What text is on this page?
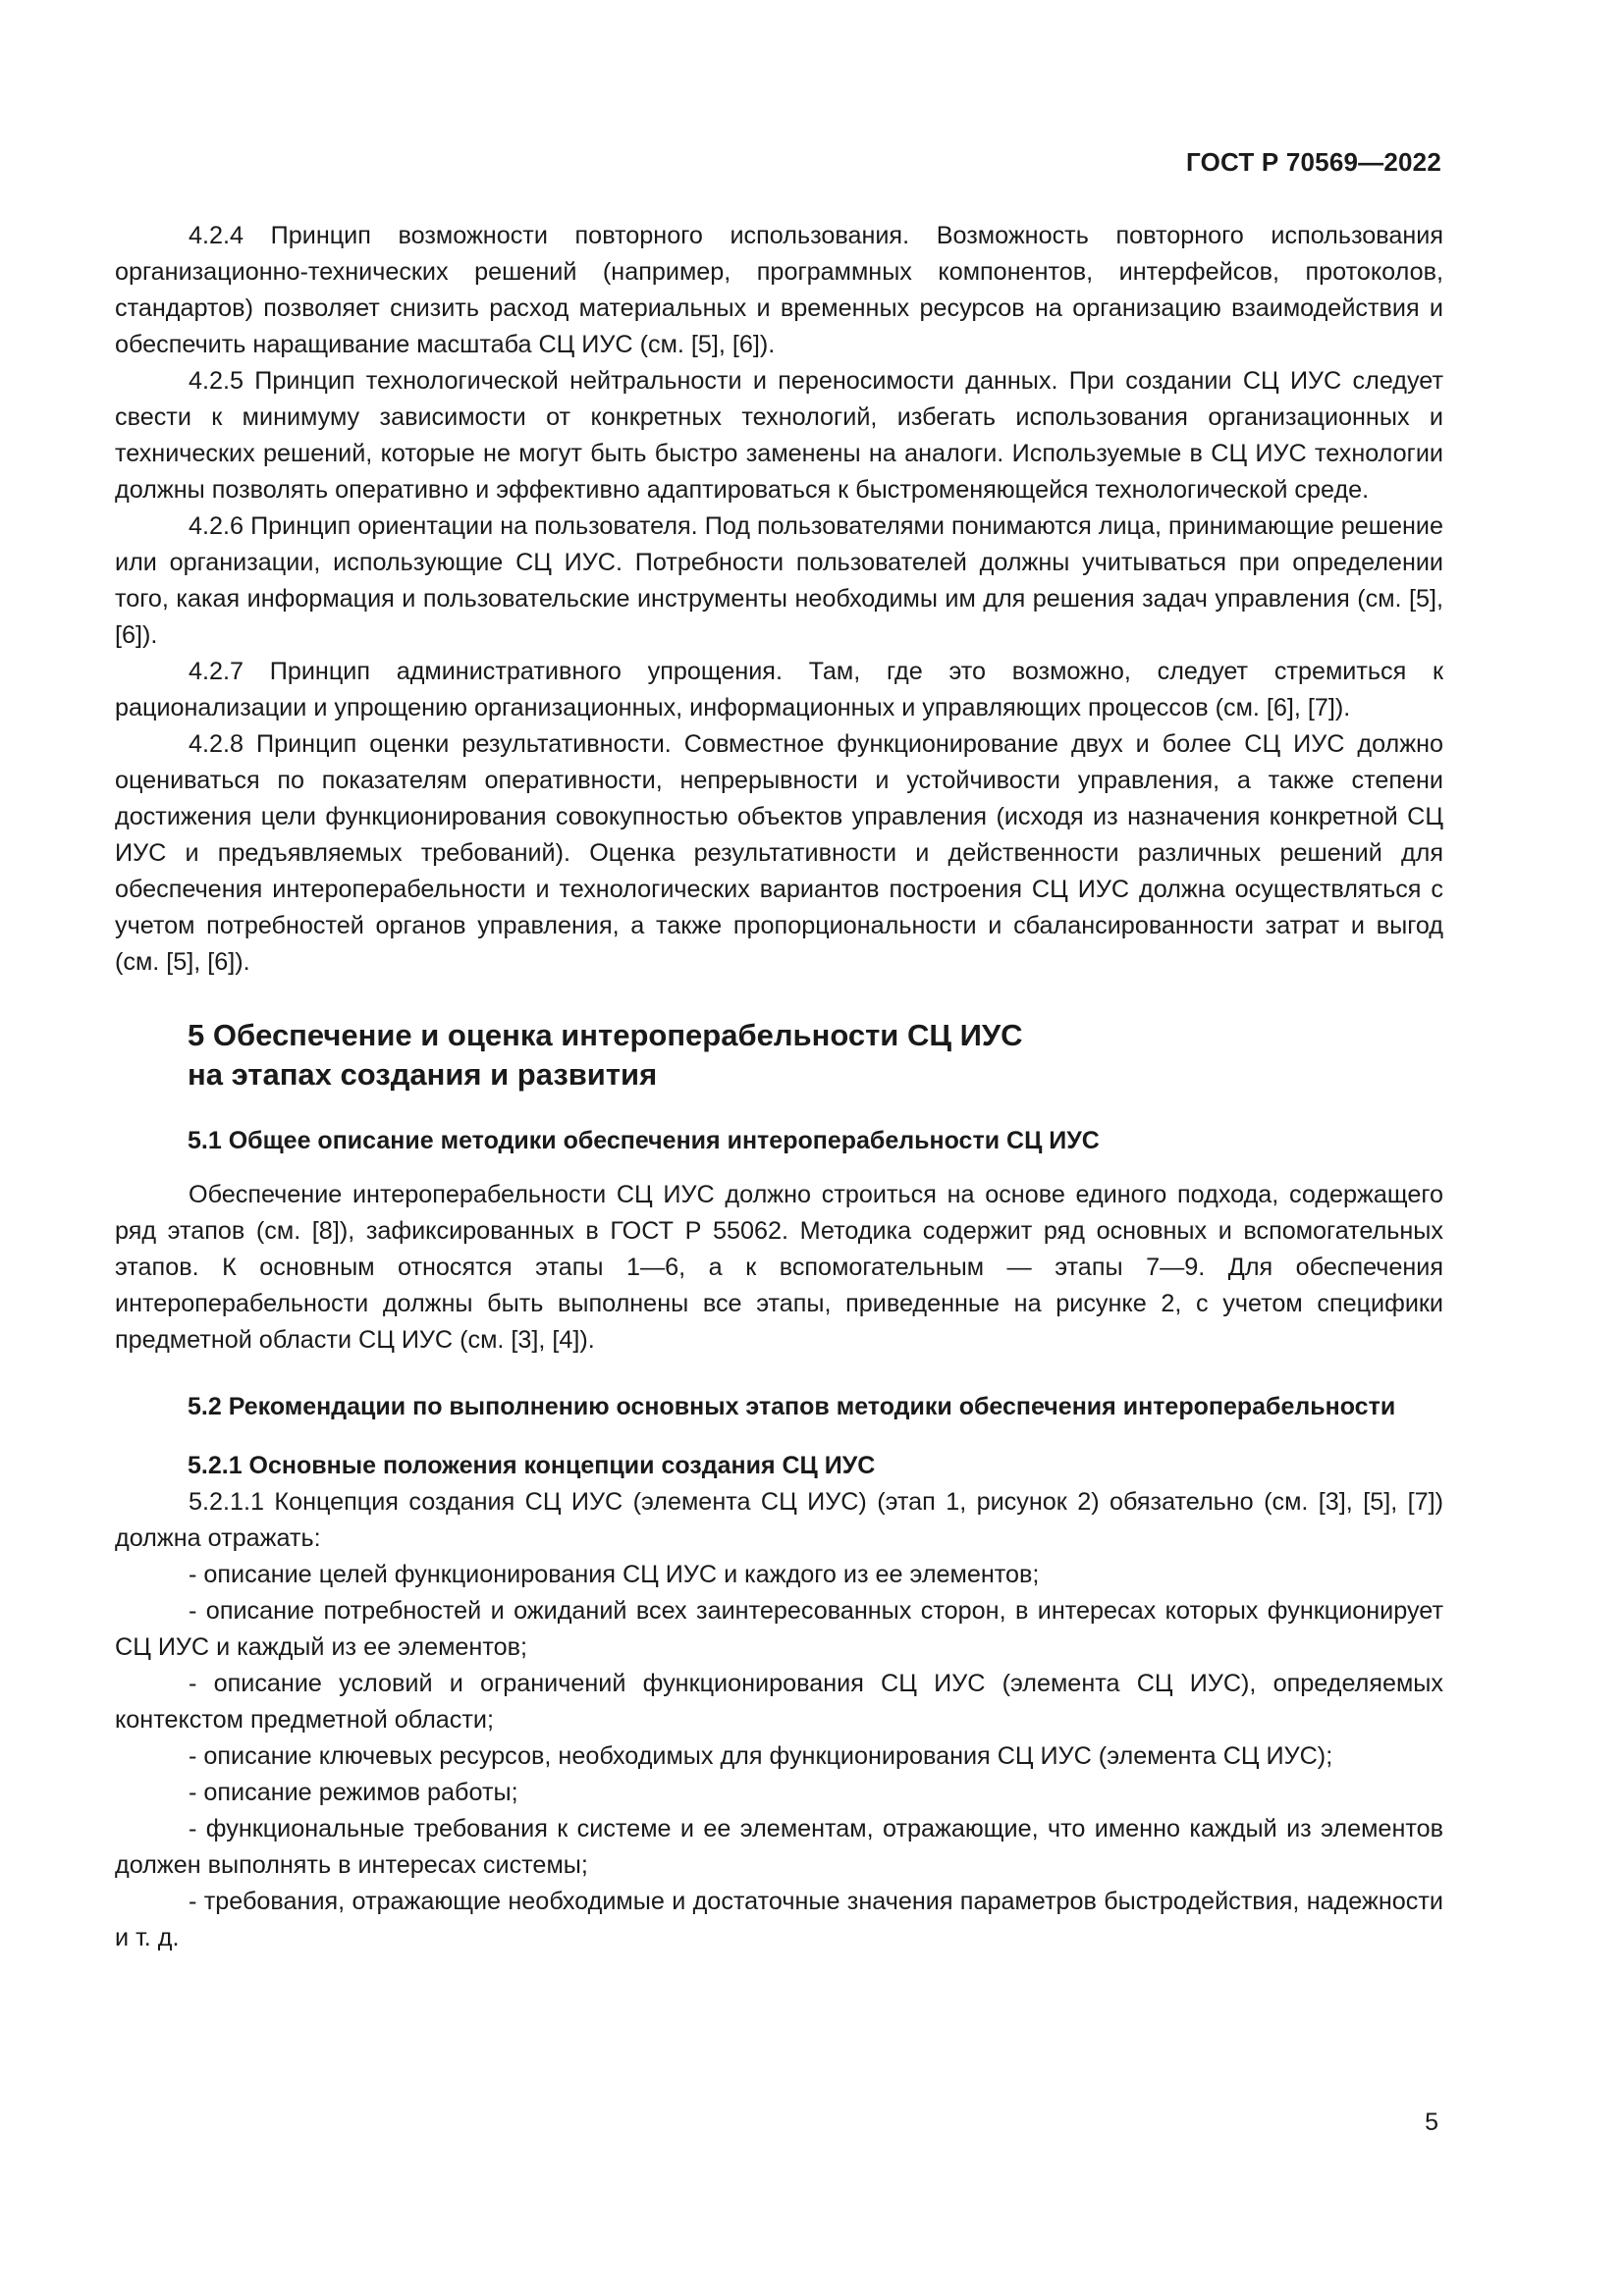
ГОСТ Р 70569—2022

4.2.4 Принцип возможности повторного использования. Возможность повторного использования организационно-технических решений (например, программных компонентов, интерфейсов, протоколов, стандартов) позволяет снизить расход материальных и временных ресурсов на организацию взаимодействия и обеспечить наращивание масштаба СЦ ИУС (см. [5], [6]).

4.2.5 Принцип технологической нейтральности и переносимости данных. При создании СЦ ИУС следует свести к минимуму зависимости от конкретных технологий, избегать использования организационных и технических решений, которые не могут быть быстро заменены на аналоги. Используемые в СЦ ИУС технологии должны позволять оперативно и эффективно адаптироваться к быстроменяющейся технологической среде.

4.2.6 Принцип ориентации на пользователя. Под пользователями понимаются лица, принимающие решение или организации, использующие СЦ ИУС. Потребности пользователей должны учитываться при определении того, какая информация и пользовательские инструменты необходимы им для решения задач управления (см. [5], [6]).

4.2.7 Принцип административного упрощения. Там, где это возможно, следует стремиться к рационализации и упрощению организационных, информационных и управляющих процессов (см. [6], [7]).

4.2.8 Принцип оценки результативности. Совместное функционирование двух и более СЦ ИУС должно оцениваться по показателям оперативности, непрерывности и устойчивости управления, а также степени достижения цели функционирования совокупностью объектов управления (исходя из назначения конкретной СЦ ИУС и предъявляемых требований). Оценка результативности и действенности различных решений для обеспечения интероперабельности и технологических вариантов построения СЦ ИУС должна осуществляться с учетом потребностей органов управления, а также пропорциональности и сбалансированности затрат и выгод (см. [5], [6]).

5 Обеспечение и оценка интероперабельности СЦ ИУС
на этапах создания и развития
5.1 Общее описание методики обеспечения интероперабельности СЦ ИУС

Обеспечение интероперабельности СЦ ИУС должно строиться на основе единого подхода, содержащего ряд этапов (см. [8]), зафиксированных в ГОСТ Р 55062. Методика содержит ряд основных и вспомогательных этапов. К основным относятся этапы 1—6, а к вспомогательным — этапы 7—9. Для обеспечения интероперабельности должны быть выполнены все этапы, приведенные на рисунке 2, с учетом специфики предметной области СЦ ИУС (см. [3], [4]).

5.2 Рекомендации по выполнению основных этапов методики обеспечения интероперабельности
5.2.1 Основные положения концепции создания СЦ ИУС

5.2.1.1 Концепция создания СЦ ИУС (элемента СЦ ИУС) (этап 1, рисунок 2) обязательно (см. [3], [5], [7]) должна отражать:

- описание целей функционирования СЦ ИУС и каждого из ее элементов;

- описание потребностей и ожиданий всех заинтересованных сторон, в интересах которых функционирует СЦ ИУС и каждый из ее элементов;

- описание условий и ограничений функционирования СЦ ИУС (элемента СЦ ИУС), определяемых контекстом предметной области;

- описание ключевых ресурсов, необходимых для функционирования СЦ ИУС (элемента СЦ ИУС);

- описание режимов работы;

- функциональные требования к системе и ее элементам, отражающие, что именно каждый из элементов должен выполнять в интересах системы;

- требования, отражающие необходимые и достаточные значения параметров быстродействия, надежности и т. д.

5
